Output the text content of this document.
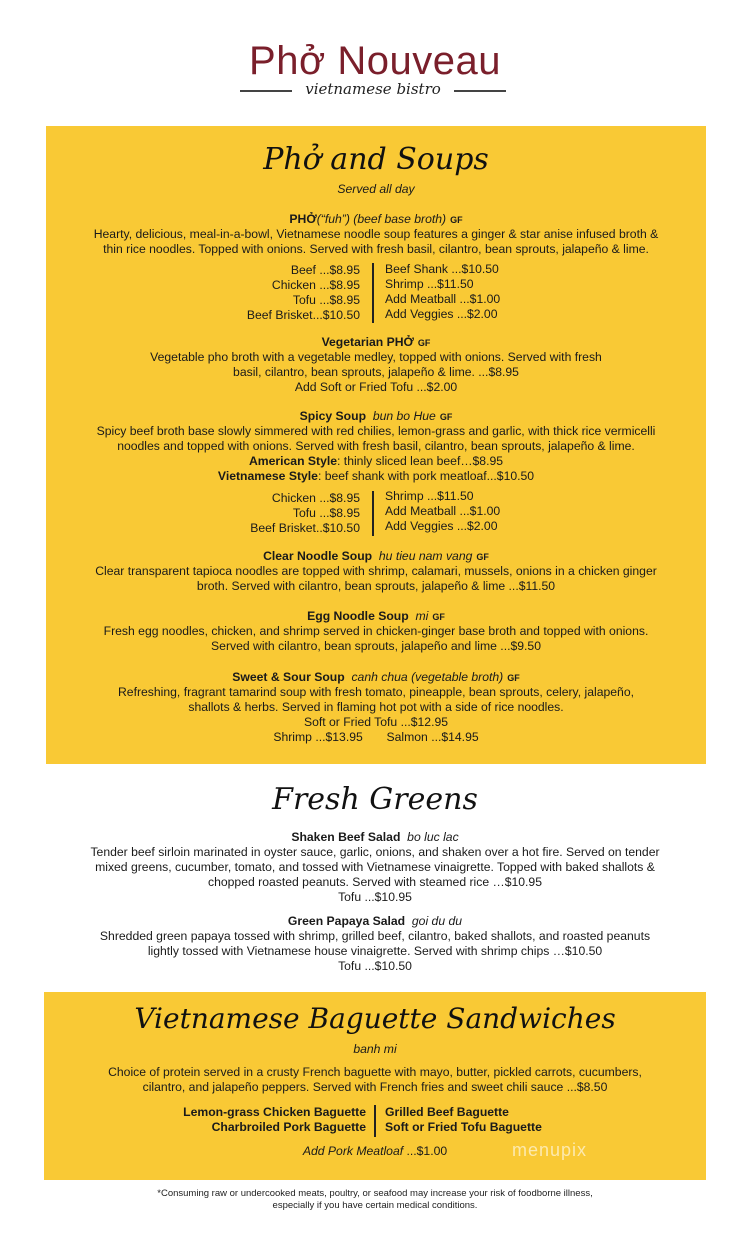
Phở Nouveau
vietnamese bistro
Phở and Soups
Served all day
PHỞ(“fuh”) (beef base broth) GF
Hearty, delicious, meal-in-a-bowl, Vietnamese noodle soup features a ginger & star anise infused broth &
thin rice noodles. Topped with onions. Served with fresh basil, cilantro, bean sprouts, jalapeño & lime.
Beef ...$8.95
Chicken ...$8.95
Tofu ...$8.95
Beef Brisket...$10.50
Beef Shank ...$10.50
Shrimp ...$11.50
Add Meatball ...$1.00
Add Veggies ...$2.00
Vegetarian PHỞ GF
Vegetable pho broth with a vegetable medley, topped with onions. Served with fresh
basil, cilantro, bean sprouts, jalapeño & lime. ...$8.95
Add Soft or Fried Tofu ...$2.00
Spicy Soup bun bo Hue GF
Spicy beef broth base slowly simmered with red chilies, lemon-grass and garlic, with thick rice vermicelli
noodles and topped with onions. Served with fresh basil, cilantro, bean sprouts, jalapeño & lime.
American Style: thinly sliced lean beef…$8.95
Vietnamese Style: beef shank with pork meatloaf...$10.50
Chicken ...$8.95
Tofu ...$8.95
Beef Brisket..$10.50
Shrimp ...$11.50
Add Meatball ...$1.00
Add Veggies ...$2.00
Clear Noodle Soup hu tieu nam vang GF
Clear transparent tapioca noodles are topped with shrimp, calamari, mussels, onions in a chicken ginger
broth. Served with cilantro, bean sprouts, jalapeño & lime ...$11.50
Egg Noodle Soup mi GF
Fresh egg noodles, chicken, and shrimp served in chicken-ginger base broth and topped with onions.
Served with cilantro, bean sprouts, jalapeño and lime ...$9.50
Sweet & Sour Soup canh chua (vegetable broth) GF
Refreshing, fragrant tamarind soup with fresh tomato, pineapple, bean sprouts, celery, jalapeño,
shallots & herbs. Served in flaming hot pot with a side of rice noodles.
Soft or Fried Tofu ...$12.95
Shrimp ...$13.95 Salmon ...$14.95
Fresh Greens
Shaken Beef Salad bo luc lac
Tender beef sirloin marinated in oyster sauce, garlic, onions, and shaken over a hot fire. Served on tender
mixed greens, cucumber, tomato, and tossed with Vietnamese vinaigrette. Topped with baked shallots &
chopped roasted peanuts. Served with steamed rice …$10.95
Tofu ...$10.95
Green Papaya Salad goi du du
Shredded green papaya tossed with shrimp, grilled beef, cilantro, baked shallots, and roasted peanuts
lightly tossed with Vietnamese house vinaigrette. Served with shrimp chips …$10.50
Tofu ...$10.50
Vietnamese Baguette Sandwiches
banh mi
Choice of protein served in a crusty French baguette with mayo, butter, pickled carrots, cucumbers,
cilantro, and jalapeño peppers. Served with French fries and sweet chili sauce ...$8.50
Lemon-grass Chicken Baguette
Charbroiled Pork Baguette
Grilled Beef Baguette
Soft or Fried Tofu Baguette
Add Pork Meatloaf ...$1.00	menupix
*Consuming raw or undercooked meats, poultry, or seafood may increase your risk of foodborne illness,
especially if you have certain medical conditions.
